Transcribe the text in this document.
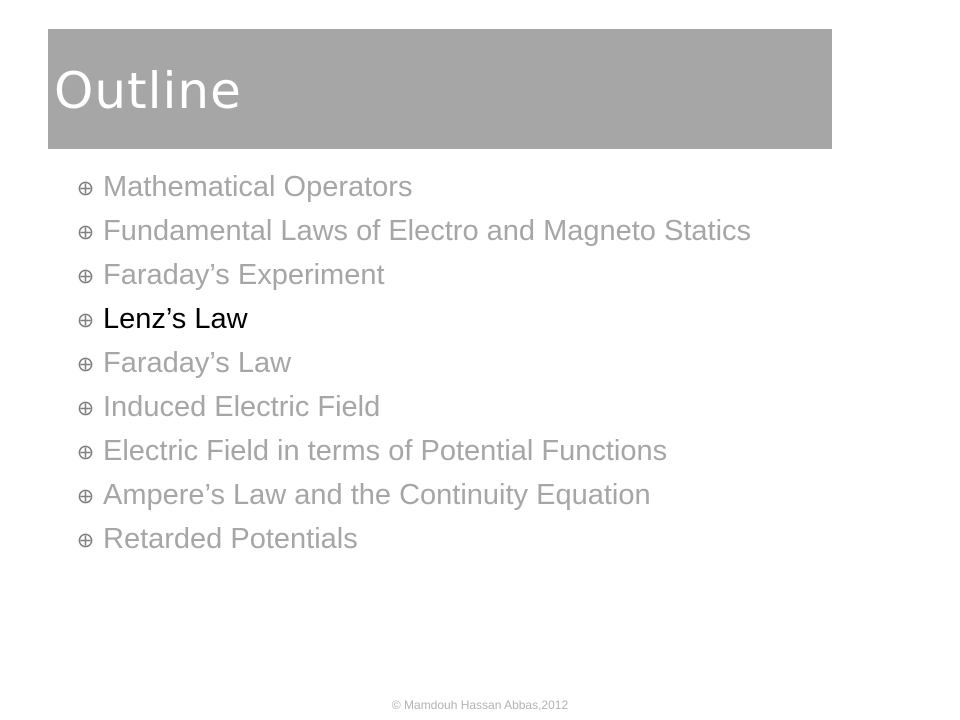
Outline
Mathematical Operators
Fundamental Laws of Electro and Magneto Statics
Faraday’s Experiment
Lenz’s Law
Faraday’s Law
Induced Electric Field
Electric Field in terms of Potential Functions
Ampere’s Law and the Continuity Equation
Retarded Potentials
© Mamdouh Hassan Abbas,2012
